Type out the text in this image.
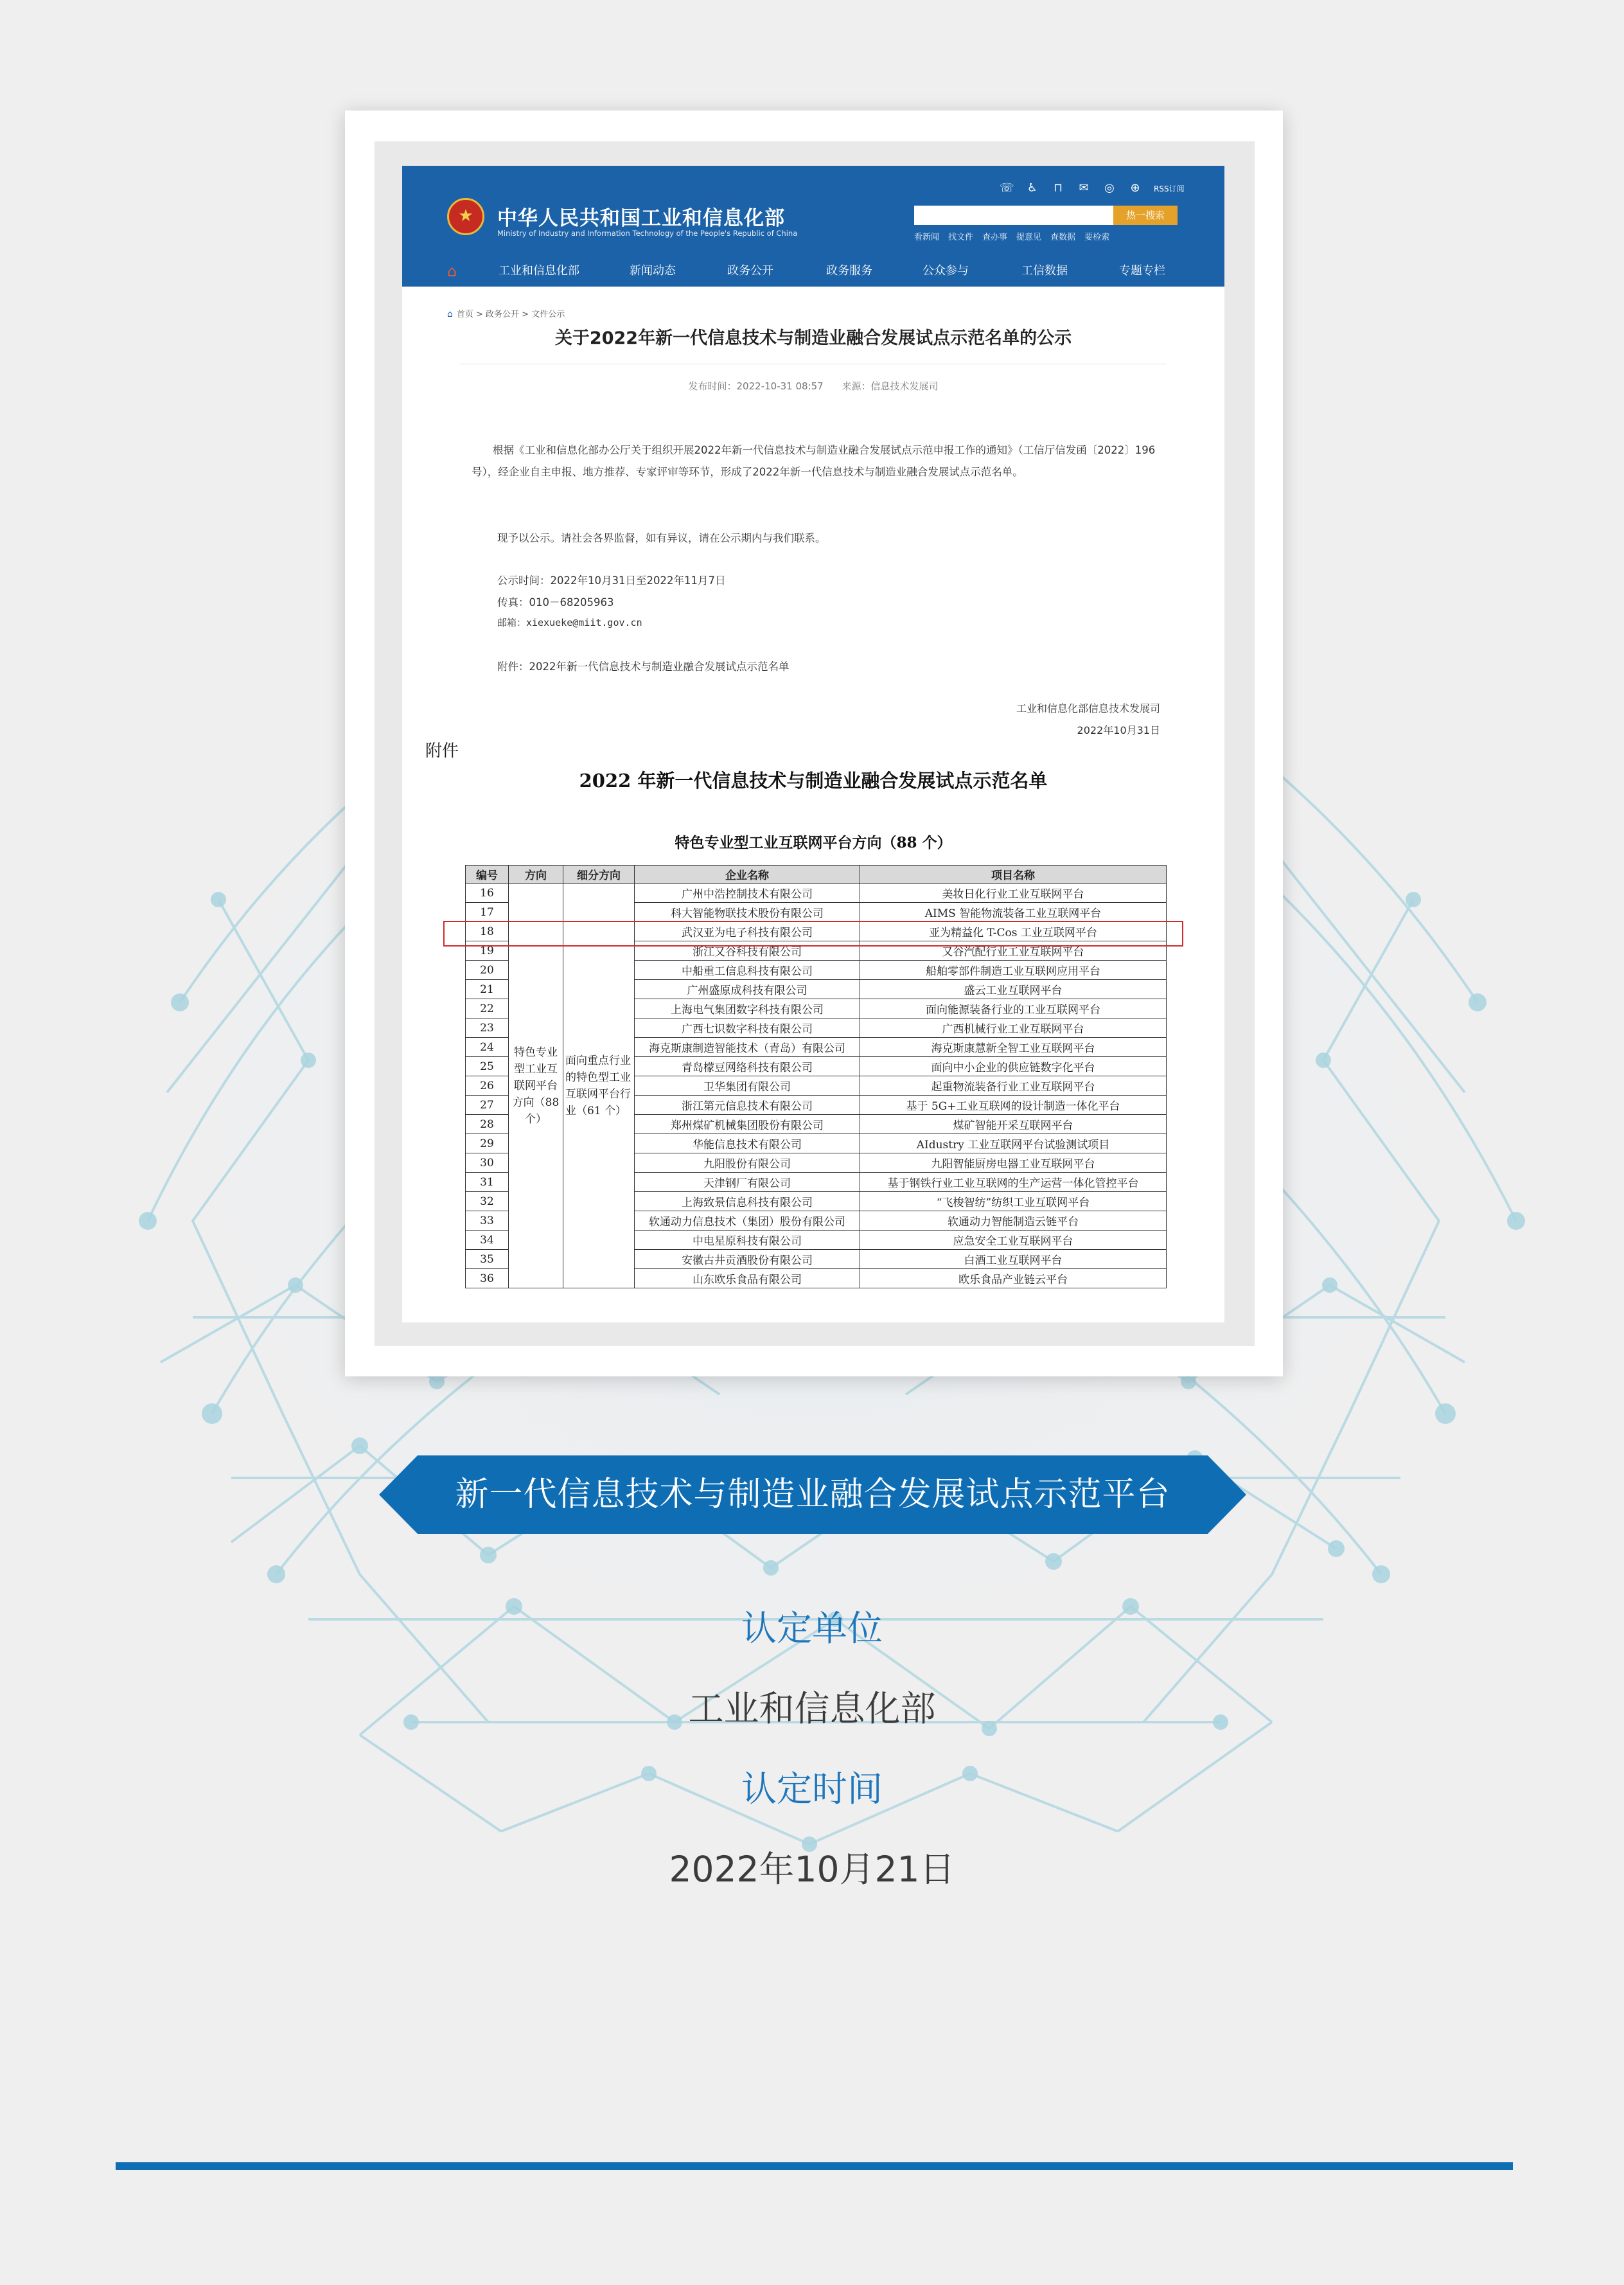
★	中华人民共和国工业和信息化部
Ministry of Industry and Information Technology of the People's Republic of China
☏ ♿ ⊓ ✉ ◎ ⊕ RSS订阅
热一搜索
看新闻 找文件 查办事 提意见 查数据 要检索
⌂	工业和信息化部	新闻动态	政务公开	政务服务	公众参与	工信数据	专题专栏
⌂ 首页 > 政务公开 > 文件公示
关于2022年新一代信息技术与制造业融合发展试点示范名单的公示
发布时间：2022-10-31 08:57 来源：信息技术发展司
根据《工业和信息化部办公厅关于组织开展2022年新一代信息技术与制造业融合发展试点示范申报工作的通知》（工信厅信发函〔2022〕196号），经企业自主申报、地方推荐、专家评审等环节，形成了2022年新一代信息技术与制造业融合发展试点示范名单。
现予以公示。请社会各界监督，如有异议，请在公示期内与我们联系。
公示时间：2022年10月31日至2022年11月7日
传真：010－68205963
邮箱：xiexueke@miit.gov.cn
附件：2022年新一代信息技术与制造业融合发展试点示范名单
工业和信息化部信息技术发展司
2022年10月31日
附件
2022 年新一代信息技术与制造业融合发展试点示范名单
特色专业型工业互联网平台方向（88 个）
编号	方向	细分方向	企业名称	项目名称
16	特色专业型工业互联网平台方向（88 个）	面向重点行业的特色型工业互联网平台行业（61 个）	广州中浩控制技术有限公司	美妆日化行业工业互联网平台
17			科大智能物联技术股份有限公司	AIMS 智能物流装备工业互联网平台
18			武汉亚为电子科技有限公司	亚为精益化 T-Cos 工业互联网平台
19			浙江又谷科技有限公司	又谷汽配行业工业互联网平台
20			中船重工信息科技有限公司	船舶零部件制造工业互联网应用平台
21			广州盛原成科技有限公司	盛云工业互联网平台
22			上海电气集团数字科技有限公司	面向能源装备行业的工业互联网平台
23			广西七识数字科技有限公司	广西机械行业工业互联网平台
24			海克斯康制造智能技术（青岛）有限公司	海克斯康慧新全智工业互联网平台
25			青岛檬豆网络科技有限公司	面向中小企业的供应链数字化平台
26			卫华集团有限公司	起重物流装备行业工业互联网平台
27			浙江第元信息技术有限公司	基于 5G+工业互联网的设计制造一体化平台
28			郑州煤矿机械集团股份有限公司	煤矿智能开采互联网平台
29			华能信息技术有限公司	AIdustry 工业互联网平台试验测试项目
30			九阳股份有限公司	九阳智能厨房电器工业互联网平台
31			天津钢厂有限公司	基于钢铁行业工业互联网的生产运营一体化管控平台
32			上海致景信息科技有限公司	“飞梭智纺”纺织工业互联网平台
33			软通动力信息技术（集团）股份有限公司	软通动力智能制造云链平台
34			中电星原科技有限公司	应急安全工业互联网平台
35			安徽古井贡酒股份有限公司	白酒工业互联网平台
36			山东欧乐食品有限公司	欧乐食品产业链云平台
新一代信息技术与制造业融合发展试点示范平台
认定单位
工业和信息化部
认定时间
2022年10月21日
